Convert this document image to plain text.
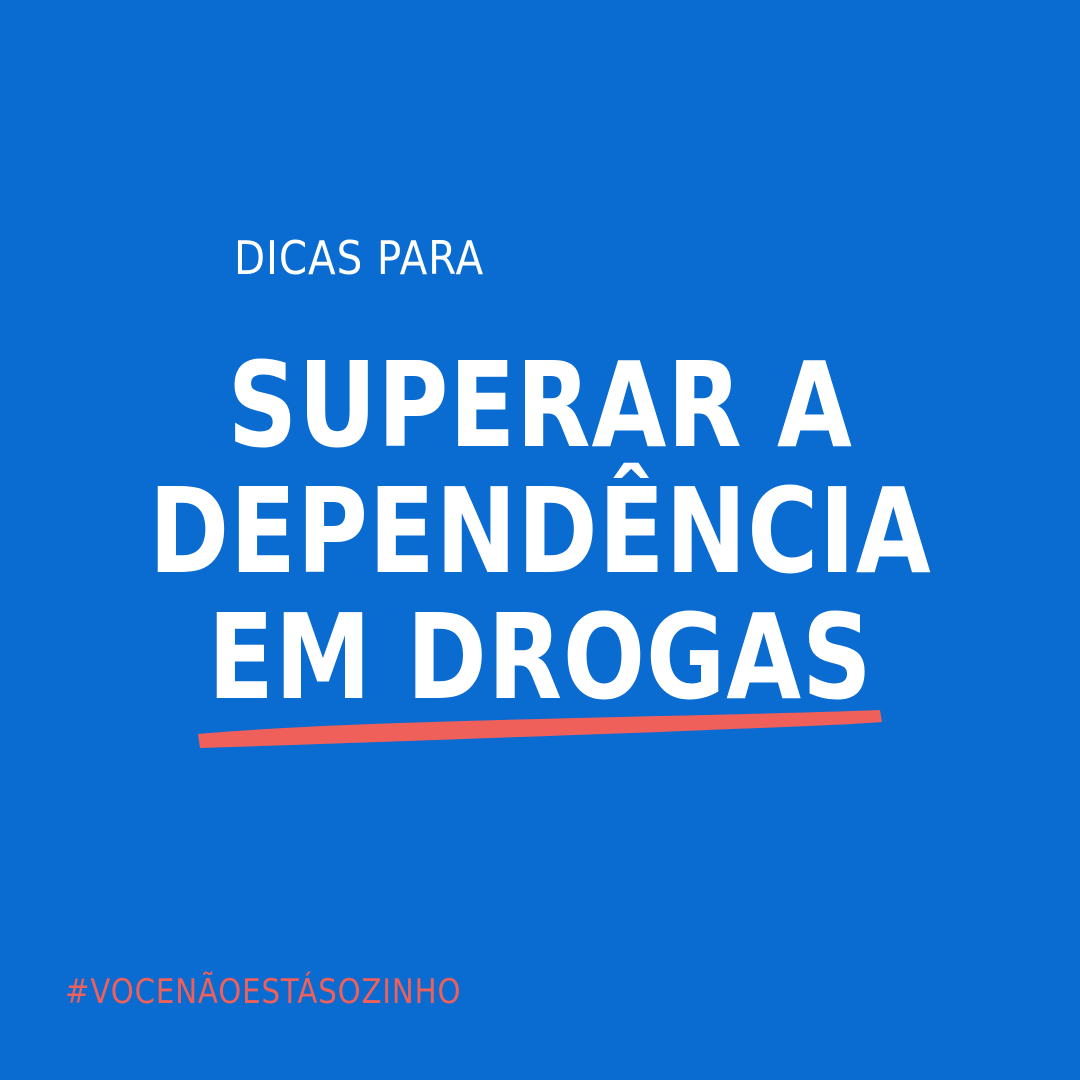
DICAS PARA
SUPERAR A
DEPENDÊNCIA
EM DROGAS
#VOCENÃOESTÁSOZINHO
